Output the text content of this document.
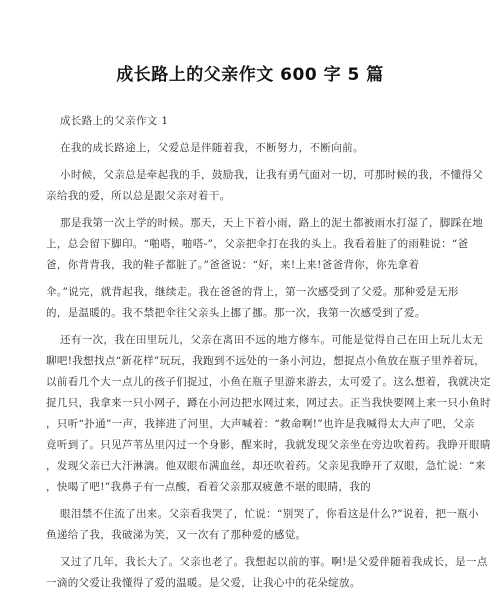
成长路上的父亲作文 600 字 5 篇

成长路上的父亲作文 1

在我的成长路途上，父爱总是伴随着我，不断努力，不断向前。

小时候，父亲总是牵起我的手，鼓励我，让我有勇气面对一切，可那时候的我，不懂得父

亲给我的爱，所以总是跟父亲对着干。

那是我第一次上学的时候。那天，天上下着小雨，路上的泥土都被雨水打湿了，脚踩在地

上，总会留下脚印。“啪嗒，啪嗒-”，父亲把伞打在我的头上。我看着脏了的雨鞋说：“爸

爸，你背背我，我的鞋子都脏了。”爸爸说：“好，来!上来!爸爸背你，你先拿着

伞。”说完，就背起我，继续走。我在爸爸的背上，第一次感受到了父爱。那种爱是无形

的，是温暖的。我不禁把伞往父亲头上挪了挪。那一次，我第一次感受到了爱。

还有一次，我在田里玩儿，父亲在离田不远的地方修车。可能是觉得自己在田上玩儿太无

聊吧!我想找点“新花样”玩玩，我跑到不远处的一条小河边，想捉点小鱼放在瓶子里养着玩，

以前看几个大一点儿的孩子们捉过，小鱼在瓶子里游来游去，太可爱了。这么想着，我就决定

捉几只，我拿来一只小网子，蹲在小河边把水网过来，网过去。正当我快要网上来一只小鱼时

，只听“扑通”一声，我摔进了河里，大声喊着：“救命啊!”也许是我喊得太大声了吧，父亲

竟听到了。只见芦苇丛里闪过一个身影，醒来时，我就发现父亲坐在旁边吹着药。我睁开眼睛

，发现父亲已大汗淋漓。他双眼布满血丝，却还吹着药。父亲见我睁开了双眼，急忙说：“来

，快喝了吧!”我鼻子有一点酸，看着父亲那双疲惫不堪的眼睛，我的

眼泪禁不住流了出来。父亲看我哭了，忙说：“别哭了，你看这是什么?”说着，把一瓶小

鱼递给了我，我破涕为笑，又一次有了那种爱的感觉。

又过了几年，我长大了。父亲也老了。我想起以前的事。啊!是父爱伴随着我成长，是一点

一滴的父爱让我懂得了爱的温暖。是父爱，让我心中的花朵绽放。
